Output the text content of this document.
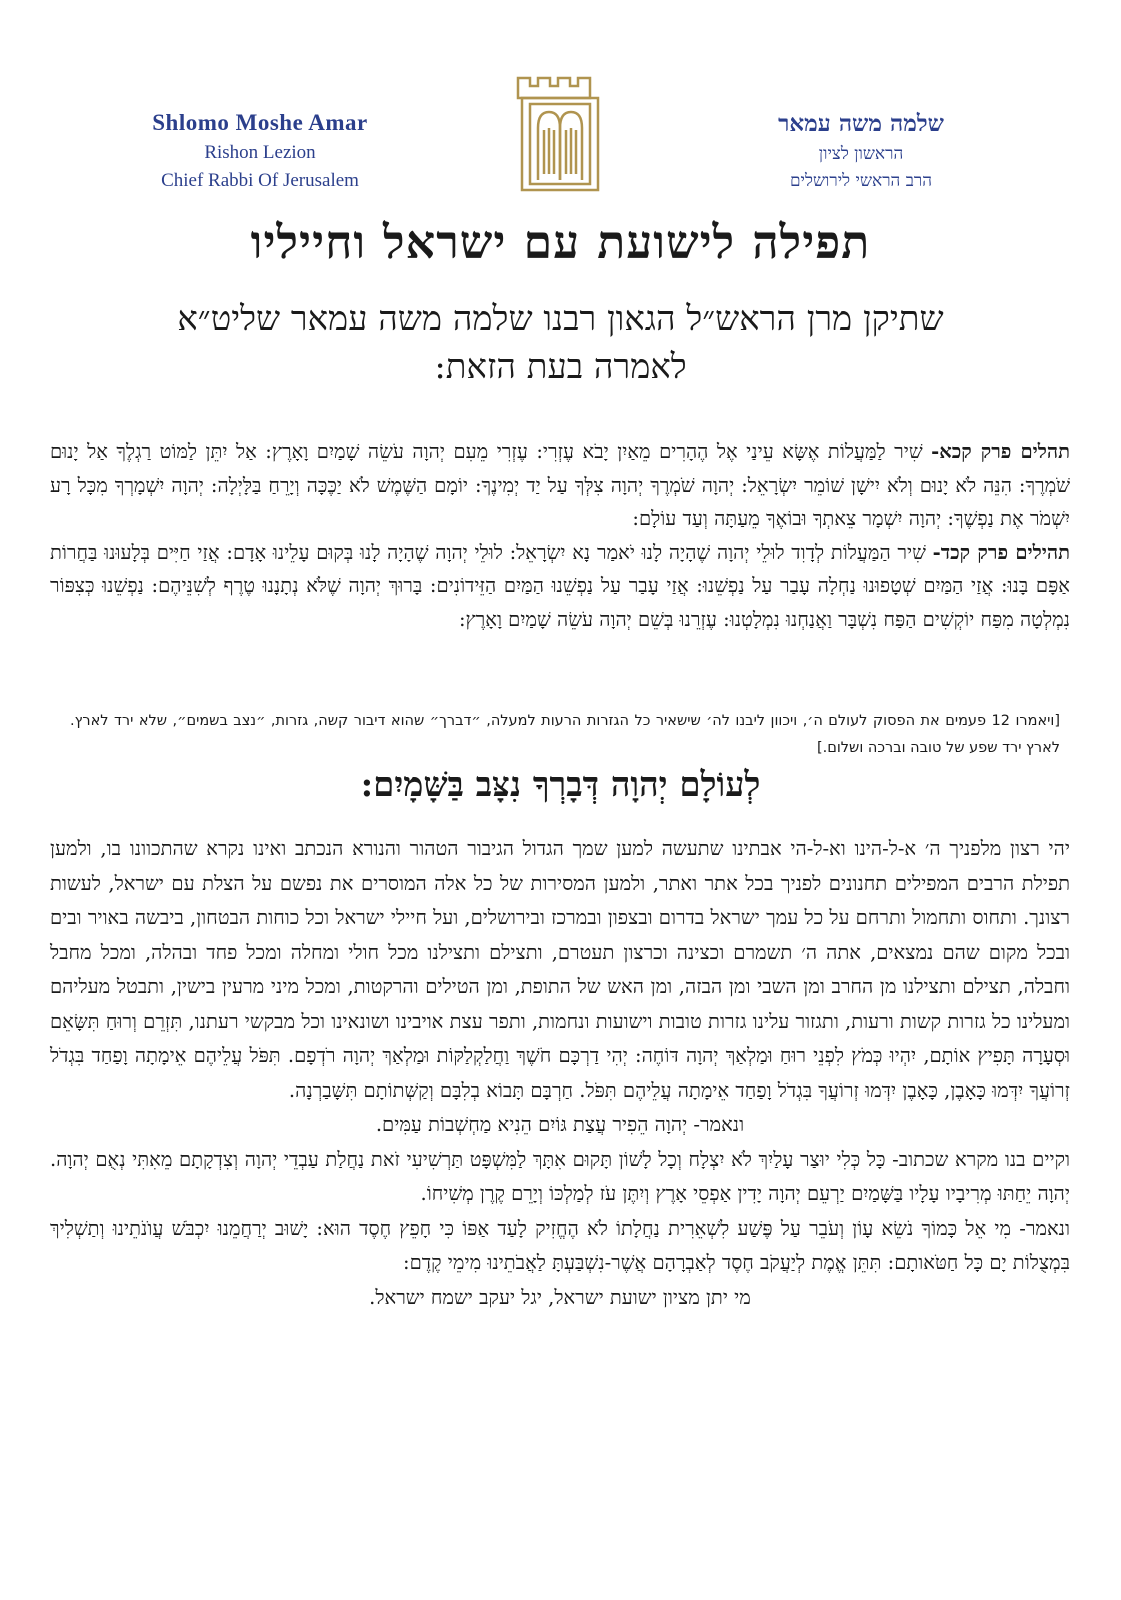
Shlomo Moshe Amar
Rishon Lezion
Chief Rabbi Of Jerusalem
שלמה משה עמאר
הראשון לציון
הרב הראשי לירושלים
תפילה לישועת עם ישראל וחייליו
שתיקן מרן הראש״ל הגאון רבנו שלמה משה עמאר שליט״א
לאמרה בעת הזאת:

תהלים פרק קכא- שִׁיר לַמַּעֲלוֹת אֶשָּׂא עֵינַי אֶל הֶהָרִים מֵאַיִן יָבֹא עֶזְרִי: עֶזְרִי מֵעִם יְהוָה עֹשֵׂה שָׁמַיִם וָאָרֶץ: אַל יִתֵּן לַמּוֹט רַגְלֶךָ אַל יָנוּם שֹׁמְרֶךָ: הִנֵּה לֹא יָנוּם וְלֹא יִישָׁן שׁוֹמֵר יִשְׂרָאֵל: יְהוָה שֹׁמְרֶךָ יְהוָה צִלְּךָ עַל יַד יְמִינֶךָ: יוֹמָם הַשֶּׁמֶשׁ לֹא יַכֶּכָּה וְיָרֵחַ בַּלָּיְלָה: יְהוָה יִשְׁמָרְךָ מִכָּל רָע יִשְׁמֹר אֶת נַפְשֶׁךָ: יְהוָה יִשְׁמָר צֵאתְךָ וּבוֹאֶךָ מֵעַתָּה וְעַד עוֹלָם:

תהילים פרק קכד- שִׁיר הַמַּעֲלוֹת לְדָוִד לוּלֵי יְהוָה שֶׁהָיָה לָנוּ יֹאמַר נָא יִשְׂרָאֵל: לוּלֵי יְהוָה שֶׁהָיָה לָנוּ בְּקוּם עָלֵינוּ אָדָם: אֲזַי חַיִּים בְּלָעוּנוּ בַּחֲרוֹת אַפָּם בָּנוּ: אֲזַי הַמַּיִם שְׁטָפוּנוּ נַחְלָה עָבַר עַל נַפְשֵׁנוּ: אֲזַי עָבַר עַל נַפְשֵׁנוּ הַמַּיִם הַזֵּידוֹנִים: בָּרוּךְ יְהוָה שֶׁלֹּא נְתָנָנוּ טֶרֶף לְשִׁנֵּיהֶם: נַפְשֵׁנוּ כְּצִפּוֹר נִמְלְטָה מִפַּח יוֹקְשִׁים הַפַּח נִשְׁבָּר וַאֲנַחְנוּ נִמְלָטְנוּ: עֶזְרֵנוּ בְּשֵׁם יְהוָה עֹשֵׂה שָׁמַיִם וָאָרֶץ:

[ויאמרו 12 פעמים את הפסוק לעולם ה׳, ויכוון ליבנו לה׳ שישאיר כל הגזרות הרעות למעלה, ״דברך״ שהוא דיבור קשה, גזרות, ״נצב בשמים״, שלא ירד לארץ. לארץ ירד שפע של טובה וברכה ושלום.]
לְעוֹלָם יְהוָה דְּבָרְךָ נִצָּב בַּשָּׁמָיִם:

יהי רצון מלפניך ה׳ א-ל-הינו וא-ל-הי אבתינו שתעשה למען שמך הגדול הגיבור הטהור והנורא הנכתב ואינו נקרא שהתכוונו בו, ולמען תפילת הרבים המפילים תחנונים לפניך בכל אתר ואתר, ולמען המסירות של כל אלה המוסרים את נפשם על הצלת עם ישראל, לעשות רצונך. ותחוס ותחמול ותרחם על כל עמך ישראל בדרום ובצפון ובמרכז ובירושלים, ועל חיילי ישראל וכל כוחות הבטחון, ביבשה באויר ובים ובכל מקום שהם נמצאים, אתה ה׳ תשמרם וכצינה וכרצון תעטרם, ותצילם ותצילנו מכל חולי ומחלה ומכל פחד ובהלה, ומכל מחבל וחבלה, תצילם ותצילנו מן החרב ומן השבי ומן הבזה, ומן האש של התופת, ומן הטילים והרקטות, ומכל מיני מרעין בישין, ותבטל מעליהם ומעלינו כל גזרות קשות ורעות, ותגזור עלינו גזרות טובות וישועות ונחמות, ותפר עצת אויבינו ושונאינו וכל מבקשי רעתנו, תִּזְרֵם וְרוּחַ תִּשָּׂאֵם וּסְעָרָה תָּפִיץ אוֹתָם, יִהְיוּ כְּמֹץ לִפְנֵי רוּחַ וּמַלְאַךְ יְהוָה דּוֹחֶה: יְהִי דַרְכָּם חֹשֶׁךְ וַחֲלַקְלַקּוֹת וּמַלְאַךְ יְהוָה רֹדְפָם. תִּפֹּל עֲלֵיהֶם אֵימָתָה וָפַחַד בִּגְדֹל זְרוֹעֲךָ יִדְּמוּ כָּאָבֶן, כָּאָבֶן יִדְּמוּ זְרוֹעֲךָ בִּגְדֹל וָפַחַד אֵימָתָה עֲלֵיהֶם תִּפֹּל. חַרְבָּם תָּבוֹא בְלִבָּם וְקַשְּׁתוֹתָם תִּשָּׁבַרְנָה.

ונאמר- יְהוָה הֵפִיר עֲצַת גּוֹיִם הֵנִיא מַחְשְׁבוֹת עַמִּים.

וקיים בנו מקרא שכתוב- כָּל כְּלִי יוּצַר עָלַיִךְ לֹא יִצְלָח וְכָל לָשׁוֹן תָּקוּם אִתָּךְ לַמִּשְׁפָּט תַּרְשִׁיעִי זֹאת נַחֲלַת עַבְדֵי יְהוָה וְצִדְקָתָם מֵאִתִּי נְאֻם יְהוָה. יְהוָה יֵחַתּוּ מְרִיבָיו עָלָיו בַּשָּׁמַיִם יַרְעֵם יְהוָה יָדִין אַפְסֵי אָרֶץ וְיִתֶּן עֹז לְמַלְכּוֹ וְיָרֵם קֶרֶן מְשִׁיחוֹ.

ונאמר- מִי אֵל כָּמוֹךָ נֹשֵׂא עָוֹן וְעֹבֵר עַל פֶּשַׁע לִשְׁאֵרִית נַחֲלָתוֹ לֹא הֶחֱזִיק לָעַד אַפּוֹ כִּי חָפֵץ חֶסֶד הוּא: יָשׁוּב יְרַחֲמֵנוּ יִכְבֹּשׁ עֲוֺנֹתֵינוּ וְתַשְׁלִיךְ בִּמְצֻלוֹת יָם כָּל חַטֹּאותָם: תִּתֵּן אֱמֶת לְיַעֲקֹב חֶסֶד לְאַבְרָהָם אֲשֶׁר-נִשְׁבַּעְתָּ לַאֲבֹתֵינוּ מִימֵי קֶדֶם:

מי יתן מציון ישועת ישראל, יגל יעקב ישמח ישראל.
